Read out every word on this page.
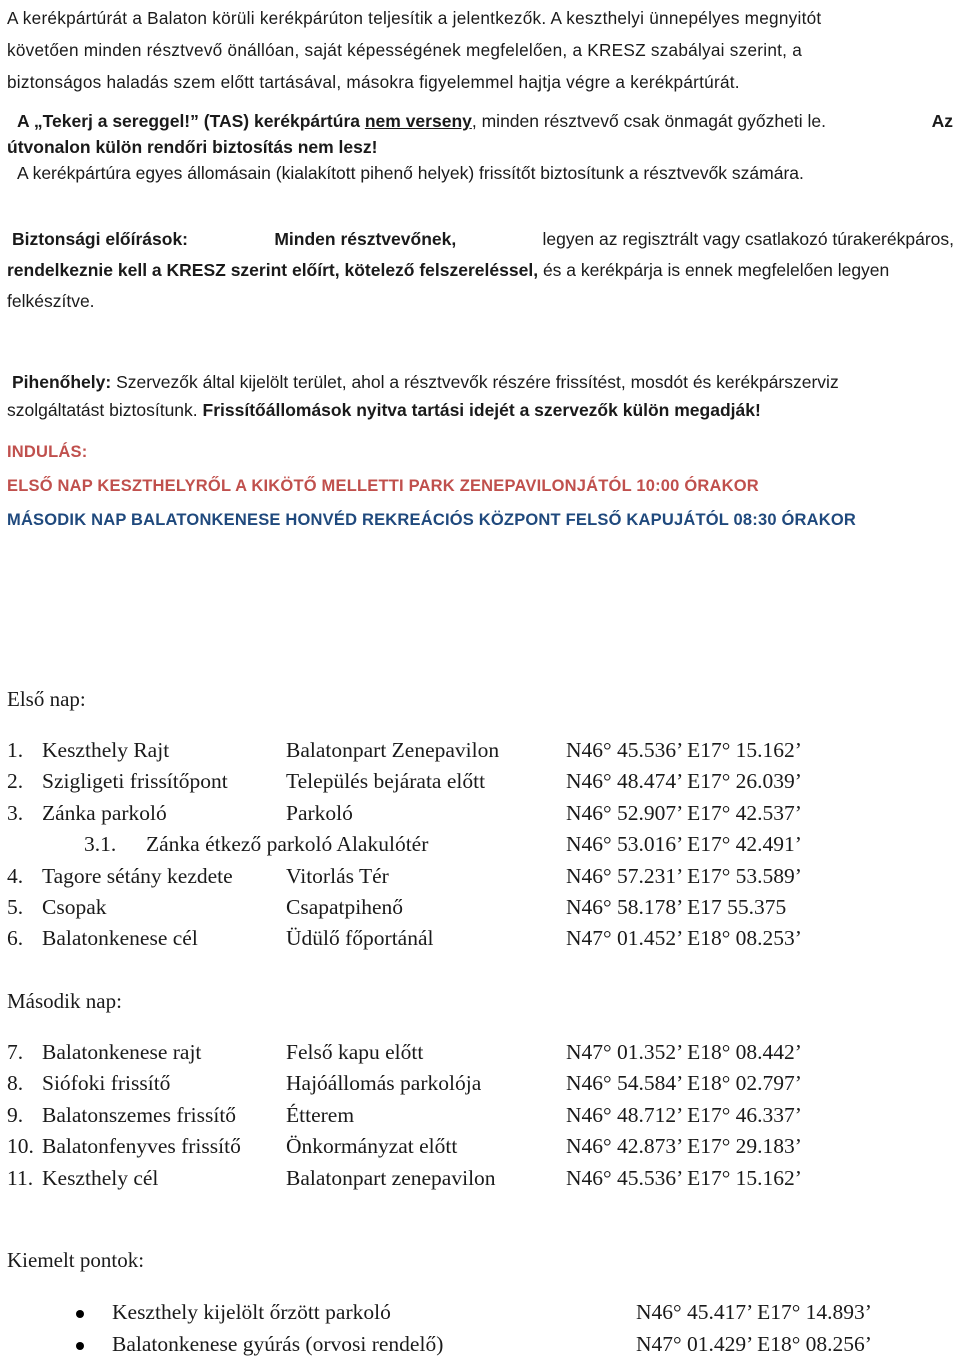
A kerékpártúrát a Balaton körüli kerékpárúton teljesítik a jelentkezők. A keszthelyi ünnepélyes megnyitót
követően minden résztvevő önállóan, saját képességének megfelelően, a KRESZ szabályai szerint, a
biztonságos haladás szem előtt tartásával, másokra figyelemmel hajtja végre a kerékpártúrát.
A „Tekerj a sereggel!” (TAS) kerékpártúra nem verseny, minden résztvevő csak önmagát győzheti le.	Az
útvonalon külön rendőri biztosítás nem lesz!
A kerékpártúra egyes állomásain (kialakított pihenő helyek) frissítőt biztosítunk a résztvevők számára.
Biztonsági előírások:	Minden résztvevőnek,	legyen az regisztrált vagy csatlakozó túrakerékpáros,
rendelkeznie kell a KRESZ szerint előírt, kötelező felszereléssel, és a kerékpárja is ennek megfelelően legyen
felkészítve.
Pihenőhely: Szervezők által kijelölt terület, ahol a résztvevők részére frissítést, mosdót és kerékpárszerviz
szolgáltatást biztosítunk. Frissítőállomások nyitva tartási idejét a szervezők külön megadják!
INDULÁS:
ELSŐ NAP KESZTHELYRŐL A KIKÖTŐ MELLETTI PARK ZENEPAVILONJÁTÓL 10:00 ÓRAKOR
MÁSODIK NAP BALATONKENESE HONVÉD REKREÁCIÓS KÖZPONT FELSŐ KAPUJÁTÓL 08:30 ÓRAKOR
Első nap:
1. Keszthely Rajt	Balatonpart Zenepavilon	N46° 45.536’ E17° 15.162’
2. Szigligeti frissítőpont	Település bejárata előtt	N46° 48.474’ E17° 26.039’
3. Zánka parkoló	Parkoló	N46° 52.907’ E17° 42.537’
3.1. Zánka étkező parkoló Alakulótér		N46° 53.016’ E17° 42.491’
4. Tagore sétány kezdete	Vitorlás Tér	N46° 57.231’ E17° 53.589’
5. Csopak	Csapatpihenő	N46° 58.178’ E17 55.375
6. Balatonkenese cél	Üdülő főportánál	N47° 01.452’ E18° 08.253’
Második nap:
7. Balatonkenese rajt	Felső kapu előtt	N47° 01.352’ E18° 08.442’
8. Siófoki frissítő	Hajóállomás parkolója	N46° 54.584’ E18° 02.797’
9. Balatonszemes frissítő	Étterem	N46° 48.712’ E17° 46.337’
10. Balatonfenyves frissítő	Önkormányzat előtt	N46° 42.873’ E17° 29.183’
11. Keszthely cél	Balatonpart zenepavilon	N46° 45.536’ E17° 15.162’
Kiemelt pontok:
Keszthely kijelölt őrzött parkoló	N46° 45.417’ E17° 14.893’
Balatonkenese gyúrás (orvosi rendelő)	N47° 01.429’ E18° 08.256’
